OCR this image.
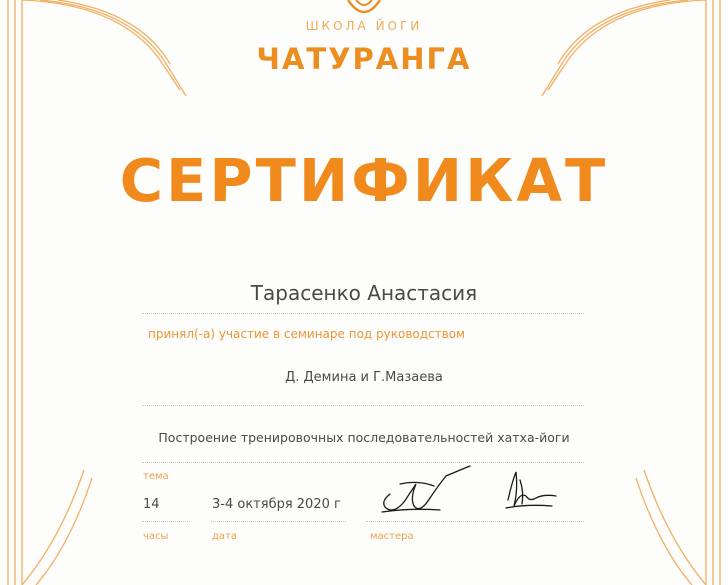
ШКОЛА ЙОГИ
ЧАТУРАНГА
СЕРТИФИКАТ
Тарасенко Анастасия
принял(-а) участие в семинаре под руководством
Д. Демина и Г.Мазаева
Построение тренировочных последовательностей хатха-йоги
тема
14
часы
3-4 октября 2020 г
дата	мастера
